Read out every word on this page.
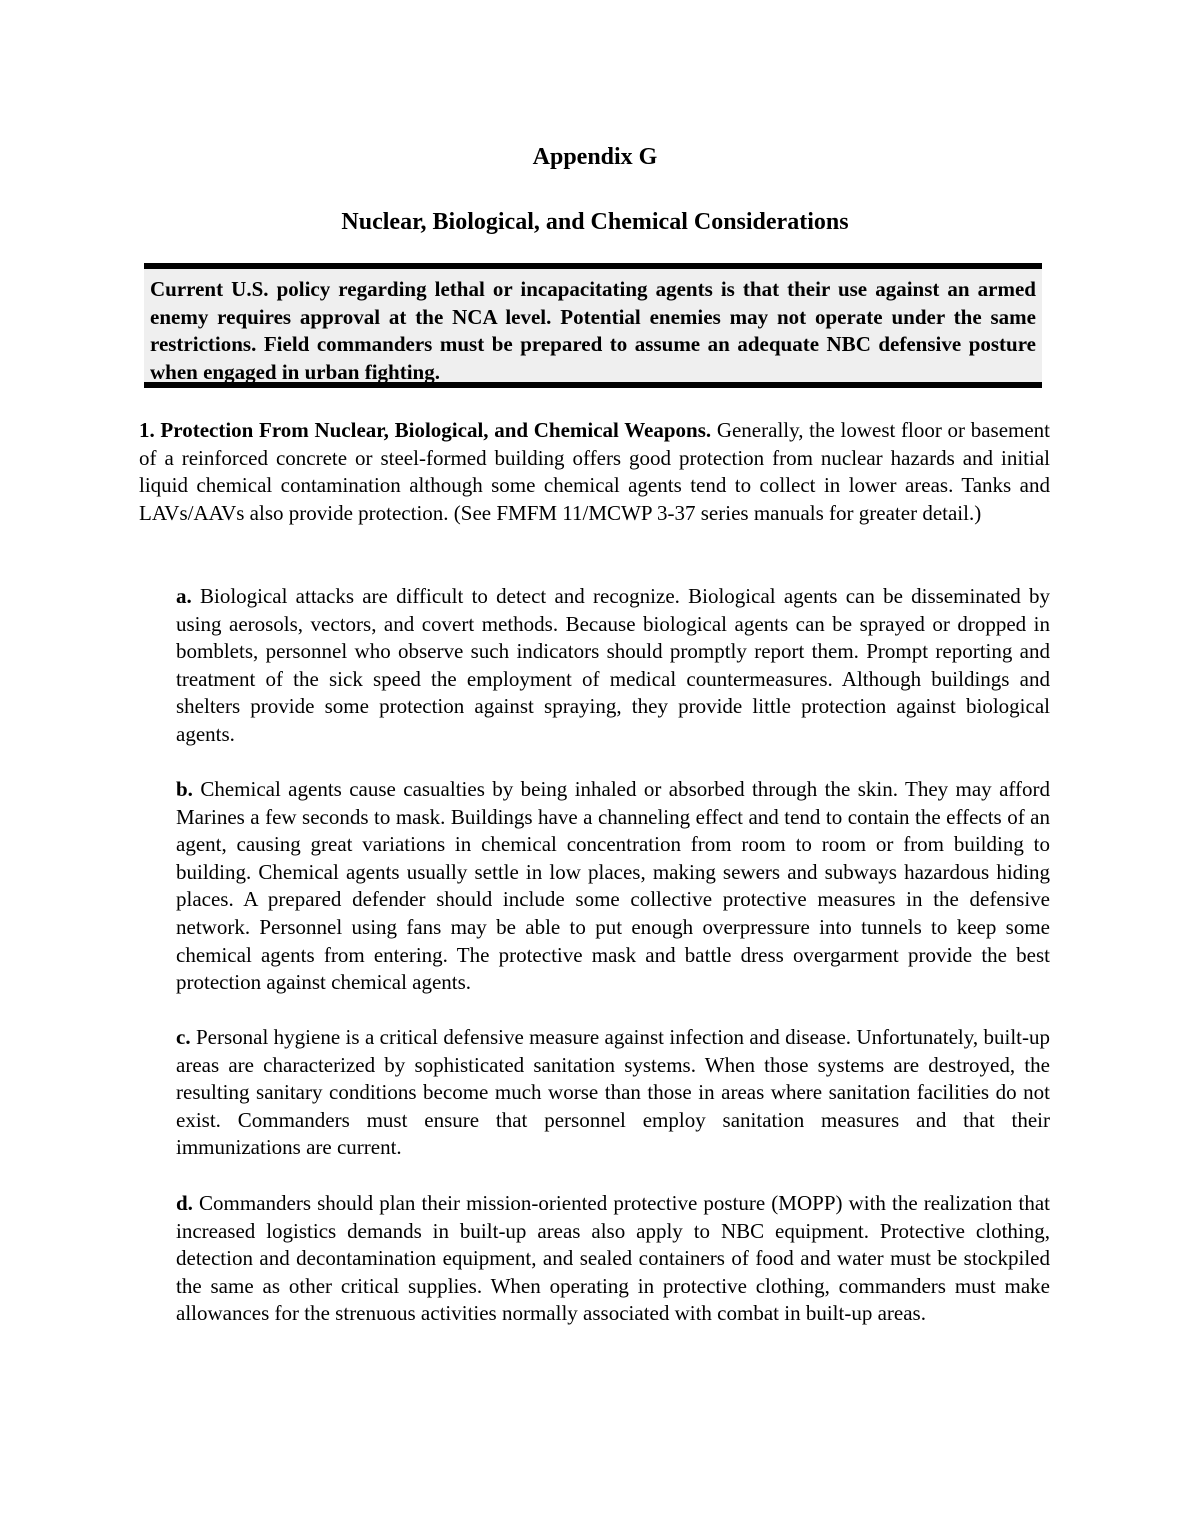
Appendix G
Nuclear, Biological, and Chemical Considerations
Current U.S. policy regarding lethal or incapacitating agents is that their use against an armed enemy requires approval at the NCA level. Potential enemies may not operate under the same restrictions. Field commanders must be prepared to assume an adequate NBC defensive posture when engaged in urban fighting.
1. Protection From Nuclear, Biological, and Chemical Weapons. Generally, the lowest floor or basement of a reinforced concrete or steel-formed building offers good protection from nuclear hazards and initial liquid chemical contamination although some chemical agents tend to collect in lower areas. Tanks and LAVs/AAVs also provide protection. (See FMFM 11/MCWP 3-37 series manuals for greater detail.)
a. Biological attacks are difficult to detect and recognize. Biological agents can be disseminated by using aerosols, vectors, and covert methods. Because biological agents can be sprayed or dropped in bomblets, personnel who observe such indicators should promptly report them. Prompt reporting and treatment of the sick speed the employment of medical countermeasures. Although buildings and shelters provide some protection against spraying, they provide little protection against biological agents.
b. Chemical agents cause casualties by being inhaled or absorbed through the skin. They may afford Marines a few seconds to mask. Buildings have a channeling effect and tend to contain the effects of an agent, causing great variations in chemical concentration from room to room or from building to building. Chemical agents usually settle in low places, making sewers and subways hazardous hiding places. A prepared defender should include some collective protective measures in the defensive network. Personnel using fans may be able to put enough overpressure into tunnels to keep some chemical agents from entering. The protective mask and battle dress overgarment provide the best protection against chemical agents.
c. Personal hygiene is a critical defensive measure against infection and disease. Unfortunately, built-up areas are characterized by sophisticated sanitation systems. When those systems are destroyed, the resulting sanitary conditions become much worse than those in areas where sanitation facilities do not exist. Commanders must ensure that personnel employ sanitation measures and that their immunizations are current.
d. Commanders should plan their mission-oriented protective posture (MOPP) with the realization that increased logistics demands in built-up areas also apply to NBC equipment. Protective clothing, detection and decontamination equipment, and sealed containers of food and water must be stockpiled the same as other critical supplies. When operating in protective clothing, commanders must make allowances for the strenuous activities normally associated with combat in built-up areas.
